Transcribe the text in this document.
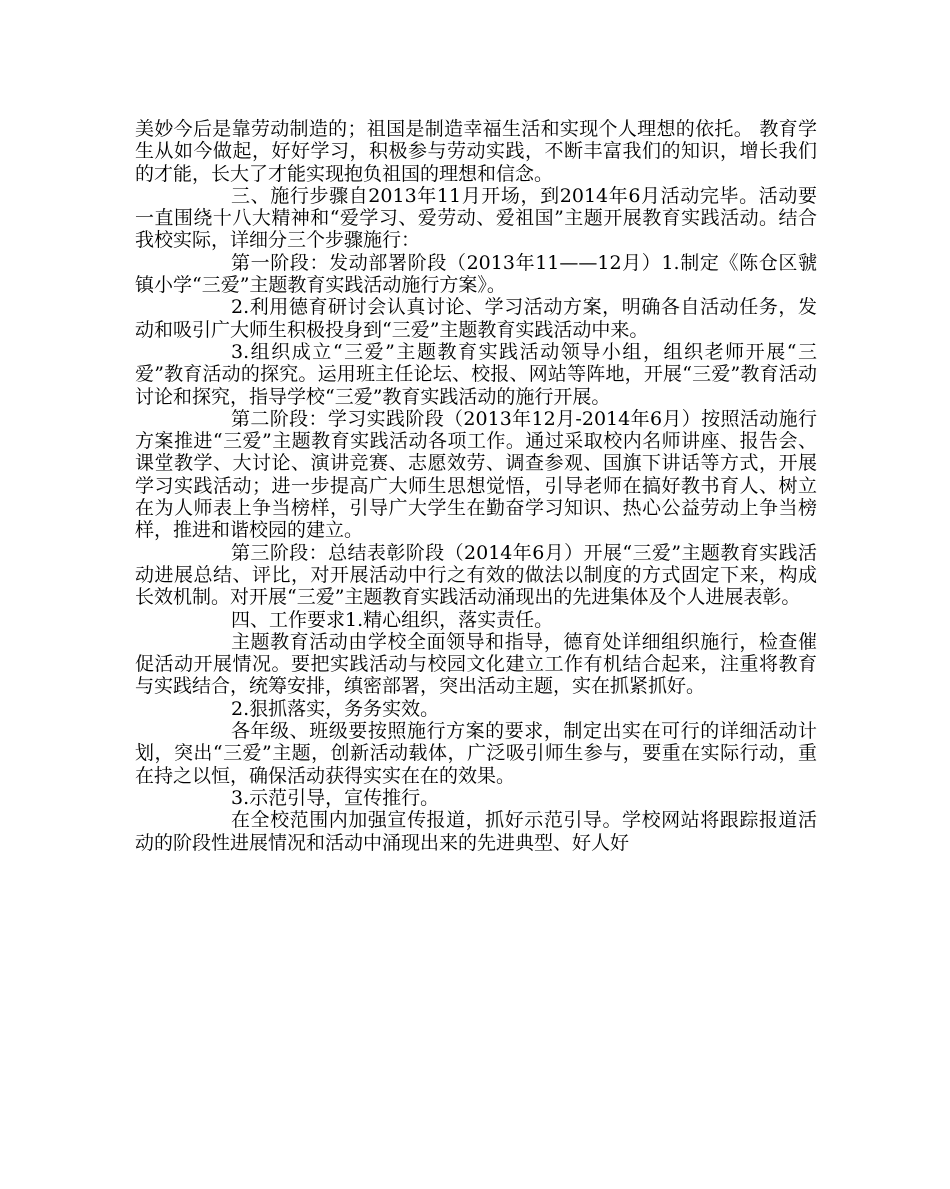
美妙今后是靠劳动制造的；祖国是制造幸福生活和实现个人理想的依托。 教育学生从如今做起，好好学习，积极参与劳动实践，不断丰富我们的知识，增长我们的才能，长大了才能实现抱负祖国的理想和信念。

三、施行步骤自2013年11月开场，到2014年6月活动完毕。活动要一直围绕十八大精神和“爱学习、爱劳动、爱祖国”主题开展教育实践活动。结合我校实际，详细分三个步骤施行：

第一阶段：发动部署阶段（2013年11——12月）1.制定《陈仓区虢镇小学“三爱”主题教育实践活动施行方案》。

2.利用德育研讨会认真讨论、学习活动方案，明确各自活动任务，发动和吸引广大师生积极投身到“三爱”主题教育实践活动中来。

3.组织成立“三爱”主题教育实践活动领导小组，组织老师开展“三爱”教育活动的探究。运用班主任论坛、校报、网站等阵地，开展“三爱”教育活动讨论和探究，指导学校“三爱”教育实践活动的施行开展。

第二阶段：学习实践阶段（2013年12月-2014年6月）按照活动施行方案推进“三爱”主题教育实践活动各项工作。通过采取校内名师讲座、报告会、课堂教学、大讨论、演讲竞赛、志愿效劳、调查参观、国旗下讲话等方式，开展学习实践活动；进一步提高广大师生思想觉悟，引导老师在搞好教书育人、树立在为人师表上争当榜样，引导广大学生在勤奋学习知识、热心公益劳动上争当榜样，推进和谐校园的建立。

第三阶段：总结表彰阶段（2014年6月）开展“三爱”主题教育实践活动进展总结、评比，对开展活动中行之有效的做法以制度的方式固定下来，构成长效机制。对开展“三爱”主题教育实践活动涌现出的先进集体及个人进展表彰。

四、工作要求1.精心组织，落实责任。

主题教育活动由学校全面领导和指导，德育处详细组织施行，检查催促活动开展情况。要把实践活动与校园文化建立工作有机结合起来，注重将教育与实践结合，统筹安排，缜密部署，突出活动主题，实在抓紧抓好。

2.狠抓落实，务务实效。

各年级、班级要按照施行方案的要求，制定出实在可行的详细活动计划，突出“三爱”主题，创新活动载体，广泛吸引师生参与，要重在实际行动，重在持之以恒，确保活动获得实实在在的效果。

3.示范引导，宣传推行。

在全校范围内加强宣传报道，抓好示范引导。学校网站将跟踪报道活动的阶段性进展情况和活动中涌现出来的先进典型、好人好
